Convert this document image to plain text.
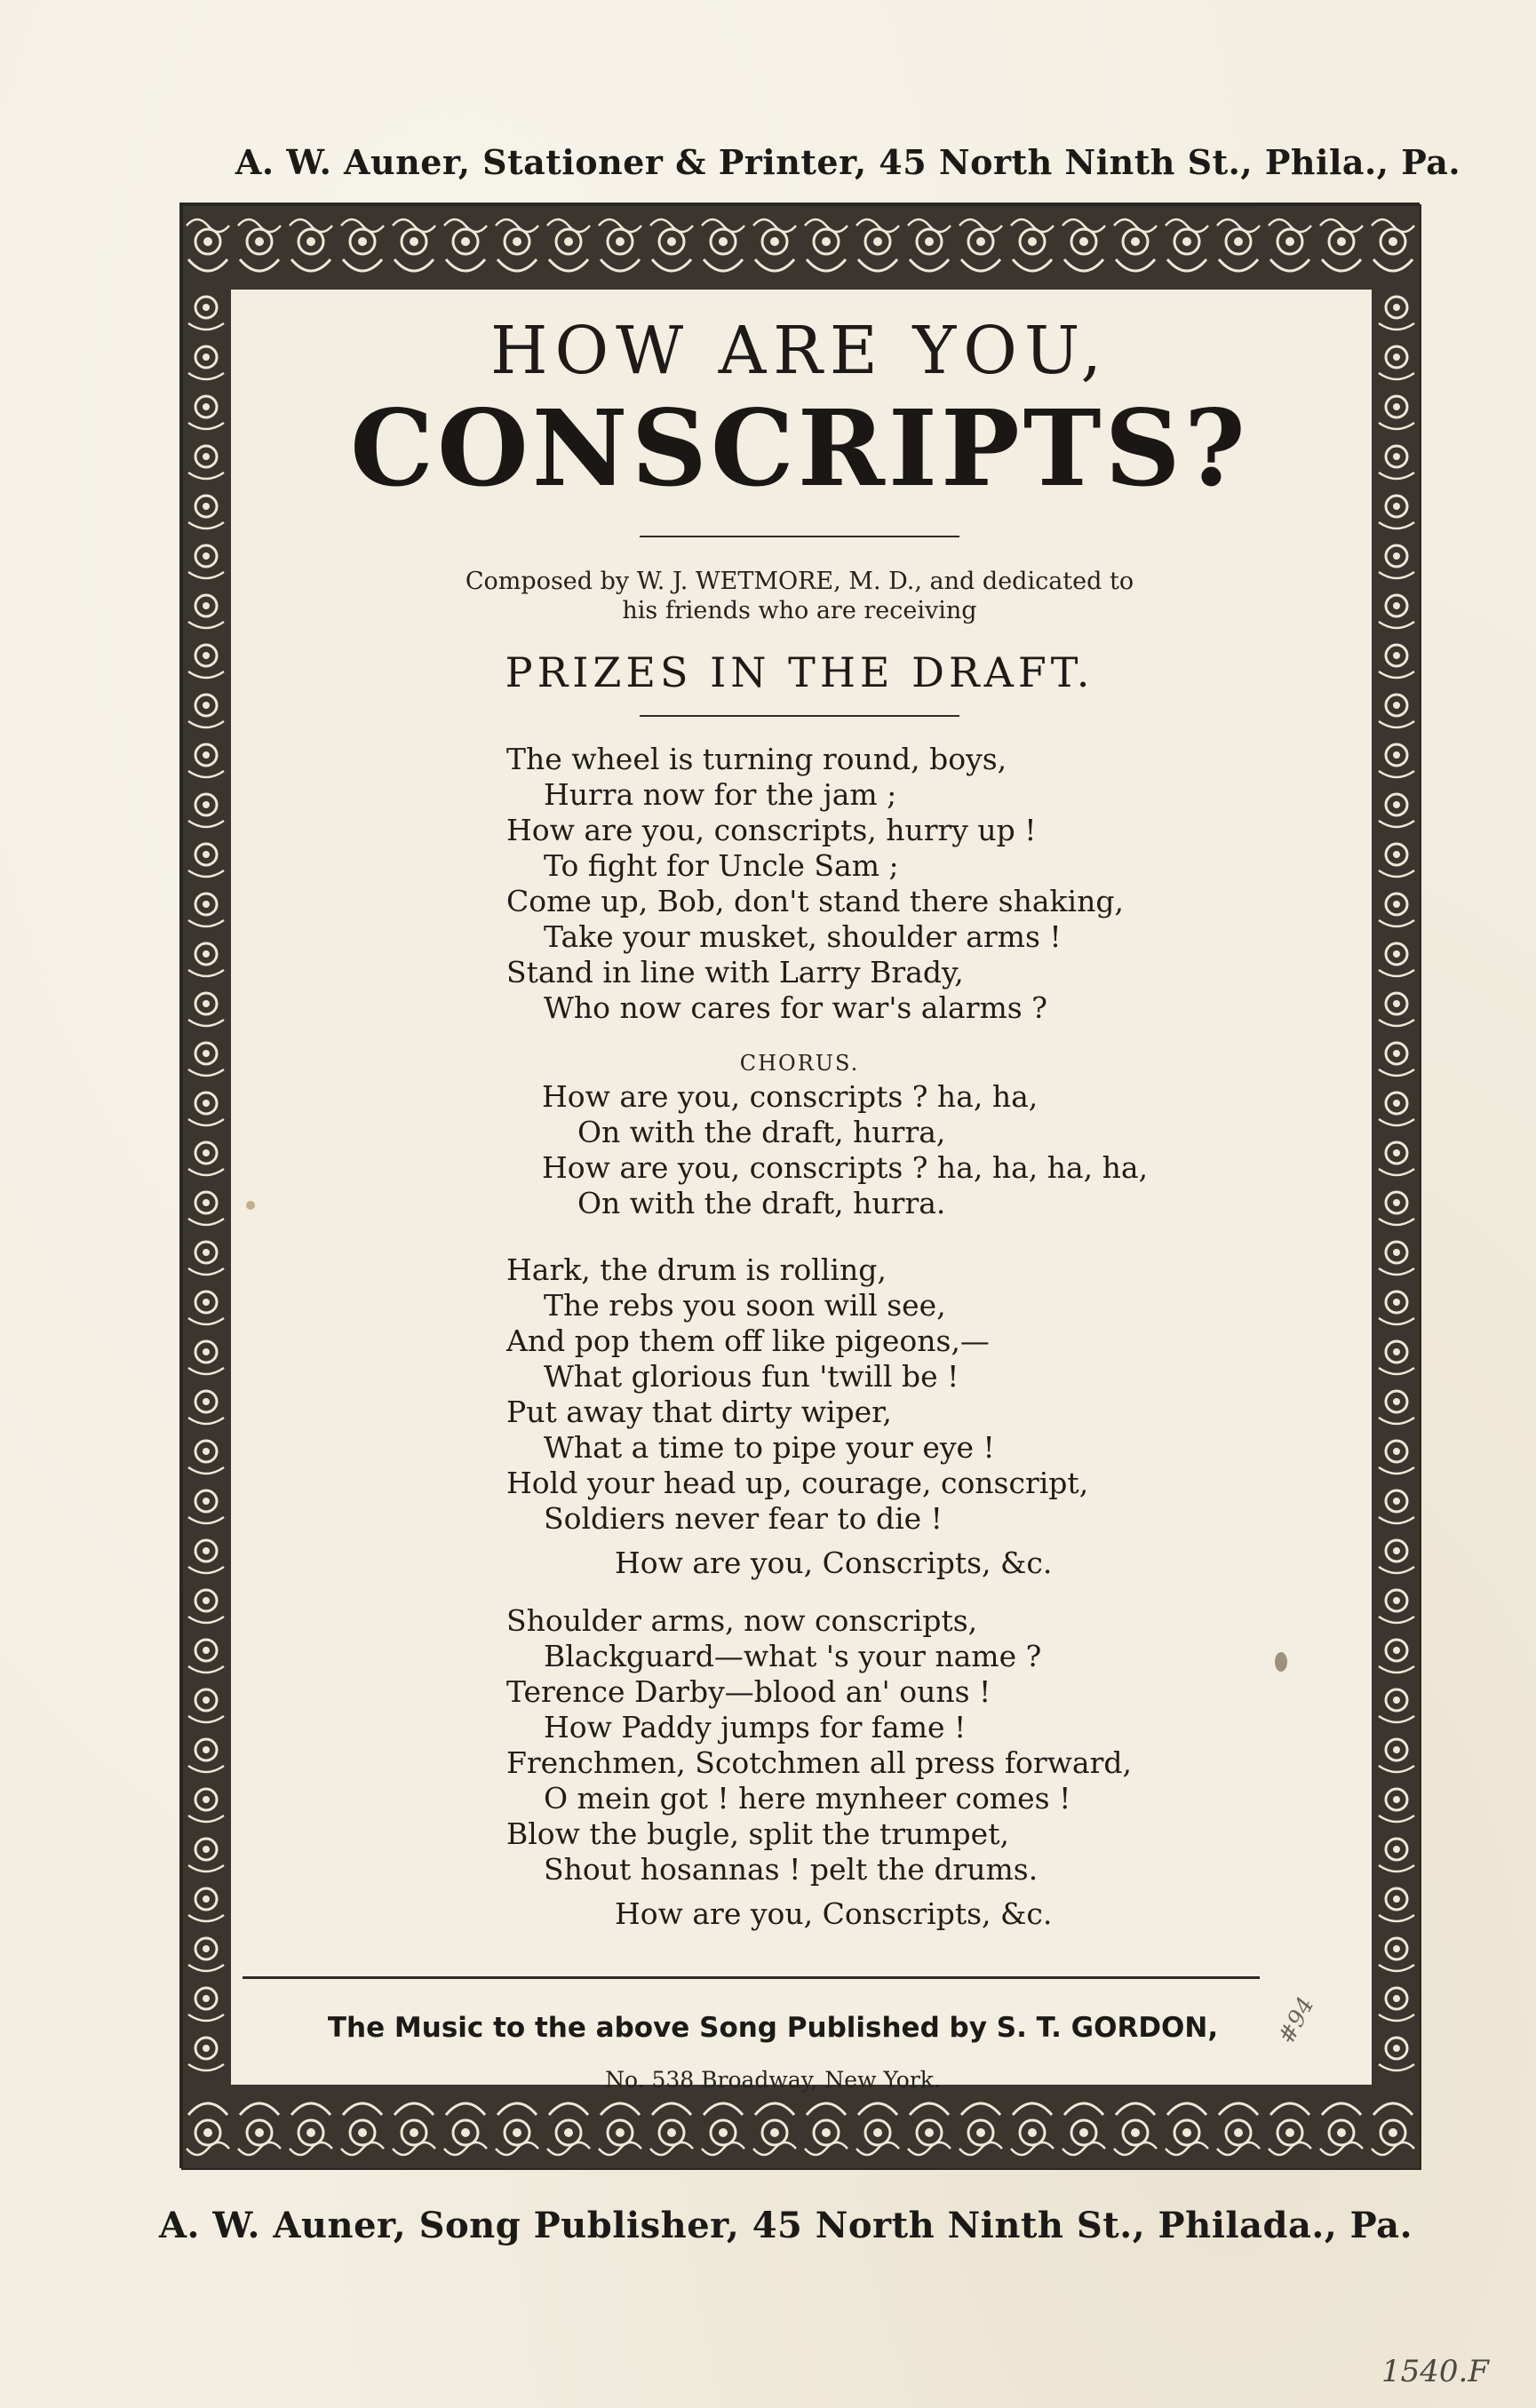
A. W. Auner, Stationer & Printer, 45 North Ninth St., Phila., Pa.
HOW ARE YOU,
CONSCRIPTS?
Composed by W. J. WETMORE, M. D., and dedicated to his friends who are receiving
PRIZES IN THE DRAFT.
The wheel is turning round, boys,
Hurra now for the jam ;
How are you, conscripts, hurry up !
To fight for Uncle Sam ;
Come up, Bob, don't stand there shaking,
Take your musket, shoulder arms !
Stand in line with Larry Brady,
Who now cares for war's alarms ?
CHORUS.
How are you, conscripts ? ha, ha,
On with the draft, hurra,
How are you, conscripts ? ha, ha, ha, ha,
On with the draft, hurra.
Hark, the drum is rolling,
The rebs you soon will see,
And pop them off like pigeons,—
What glorious fun 'twill be !
Put away that dirty wiper,
What a time to pipe your eye !
Hold your head up, courage, conscript,
Soldiers never fear to die !
How are you, Conscripts, &c.
Shoulder arms, now conscripts,
Blackguard—what 's your name ?
Terence Darby—blood an' ouns !
How Paddy jumps for fame !
Frenchmen, Scotchmen all press forward,
O mein got ! here mynheer comes !
Blow the bugle, split the trumpet,
Shout hosannas ! pelt the drums.
How are you, Conscripts, &c.
The Music to the above Song Published by S. T. GORDON,
No. 538 Broadway, New York.
A. W. Auner, Song Publisher, 45 North Ninth St., Philada., Pa.
#94
1540.F
